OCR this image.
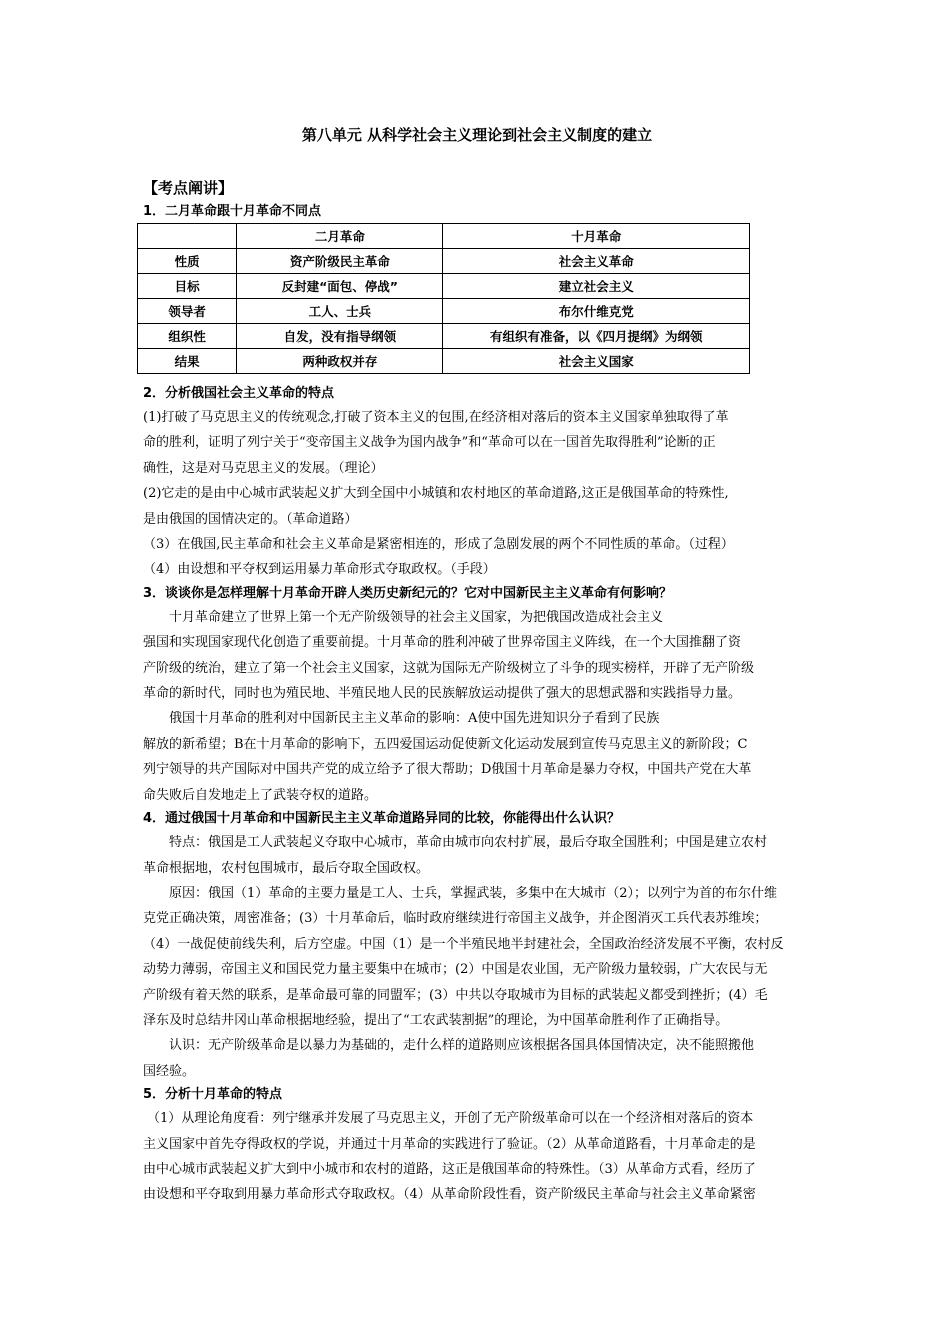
第八单元 从科学社会主义理论到社会主义制度的建立
【考点阐讲】
1．二月革命跟十月革命不同点
	二月革命	十月革命
性质	资产阶级民主革命	社会主义革命
目标	反封建“面包、停战”	建立社会主义
领导者	工人、士兵	布尔什维克党
组织性	自发，没有指导纲领	有组织有准备，以《四月提纲》为纲领
结果	两种政权并存	社会主义国家
2．分析俄国社会主义革命的特点

(1)打破了马克思主义的传统观念,打破了资本主义的包围,在经济相对落后的资本主义国家单独取得了革

命的胜利，证明了列宁关于“变帝国主义战争为国内战争”和“革命可以在一国首先取得胜利”论断的正

确性，这是对马克思主义的发展。（理论）

(2)它走的是由中心城市武装起义扩大到全国中小城镇和农村地区的革命道路,这正是俄国革命的特殊性,

是由俄国的国情决定的。（革命道路）

（3）在俄国,民主革命和社会主义革命是紧密相连的，形成了急剧发展的两个不同性质的革命。（过程）

（4）由设想和平夺权到运用暴力革命形式夺取政权。（手段）

3．谈谈你是怎样理解十月革命开辟人类历史新纪元的？它对中国新民主主义革命有何影响？

十月革命建立了世界上第一个无产阶级领导的社会主义国家，为把俄国改造成社会主义

强国和实现国家现代化创造了重要前提。十月革命的胜利冲破了世界帝国主义阵线，在一个大国推翻了资

产阶级的统治，建立了第一个社会主义国家，这就为国际无产阶级树立了斗争的现实榜样，开辟了无产阶级

革命的新时代，同时也为殖民地、半殖民地人民的民族解放运动提供了强大的思想武器和实践指导力量。

俄国十月革命的胜利对中国新民主主义革命的影响：A使中国先进知识分子看到了民族

解放的新希望；B在十月革命的影响下，五四爱国运动促使新文化运动发展到宣传马克思主义的新阶段；C

列宁领导的共产国际对中国共产党的成立给予了很大帮助；D俄国十月革命是暴力夺权，中国共产党在大革

命失败后自发地走上了武装夺权的道路。

4．通过俄国十月革命和中国新民主主义革命道路异同的比较，你能得出什么认识？

特点：俄国是工人武装起义夺取中心城市，革命由城市向农村扩展，最后夺取全国胜利；中国是建立农村

革命根据地，农村包围城市，最后夺取全国政权。

原因：俄国（1）革命的主要力量是工人、士兵，掌握武装，多集中在大城市（2）；以列宁为首的布尔什维

克党正确决策，周密准备；(3）十月革命后，临时政府继续进行帝国主义战争，并企图消灭工兵代表苏维埃；

（4）一战促使前线失利，后方空虚。中国（1）是一个半殖民地半封建社会，全国政治经济发展不平衡，农村反

动势力薄弱，帝国主义和国民党力量主要集中在城市；(2）中国是农业国，无产阶级力量较弱，广大农民与无

产阶级有着天然的联系，是革命最可靠的同盟军；(3）中共以夺取城市为目标的武装起义都受到挫折；(4）毛

泽东及时总结井冈山革命根据地经验，提出了“工农武装割据”的理论，为中国革命胜利作了正确指导。

认识：无产阶级革命是以暴力为基础的，走什么样的道路则应该根据各国具体国情决定，决不能照搬他

国经验。

5．分析十月革命的特点

（1）从理论角度看：列宁继承并发展了马克思主义，开创了无产阶级革命可以在一个经济相对落后的资本

主义国家中首先夺得政权的学说，并通过十月革命的实践进行了验证。（2）从革命道路看，十月革命走的是

由中心城市武装起义扩大到中小城市和农村的道路，这正是俄国革命的特殊性。（3）从革命方式看，经历了

由设想和平夺取到用暴力革命形式夺取政权。（4）从革命阶段性看，资产阶级民主革命与社会主义革命紧密
